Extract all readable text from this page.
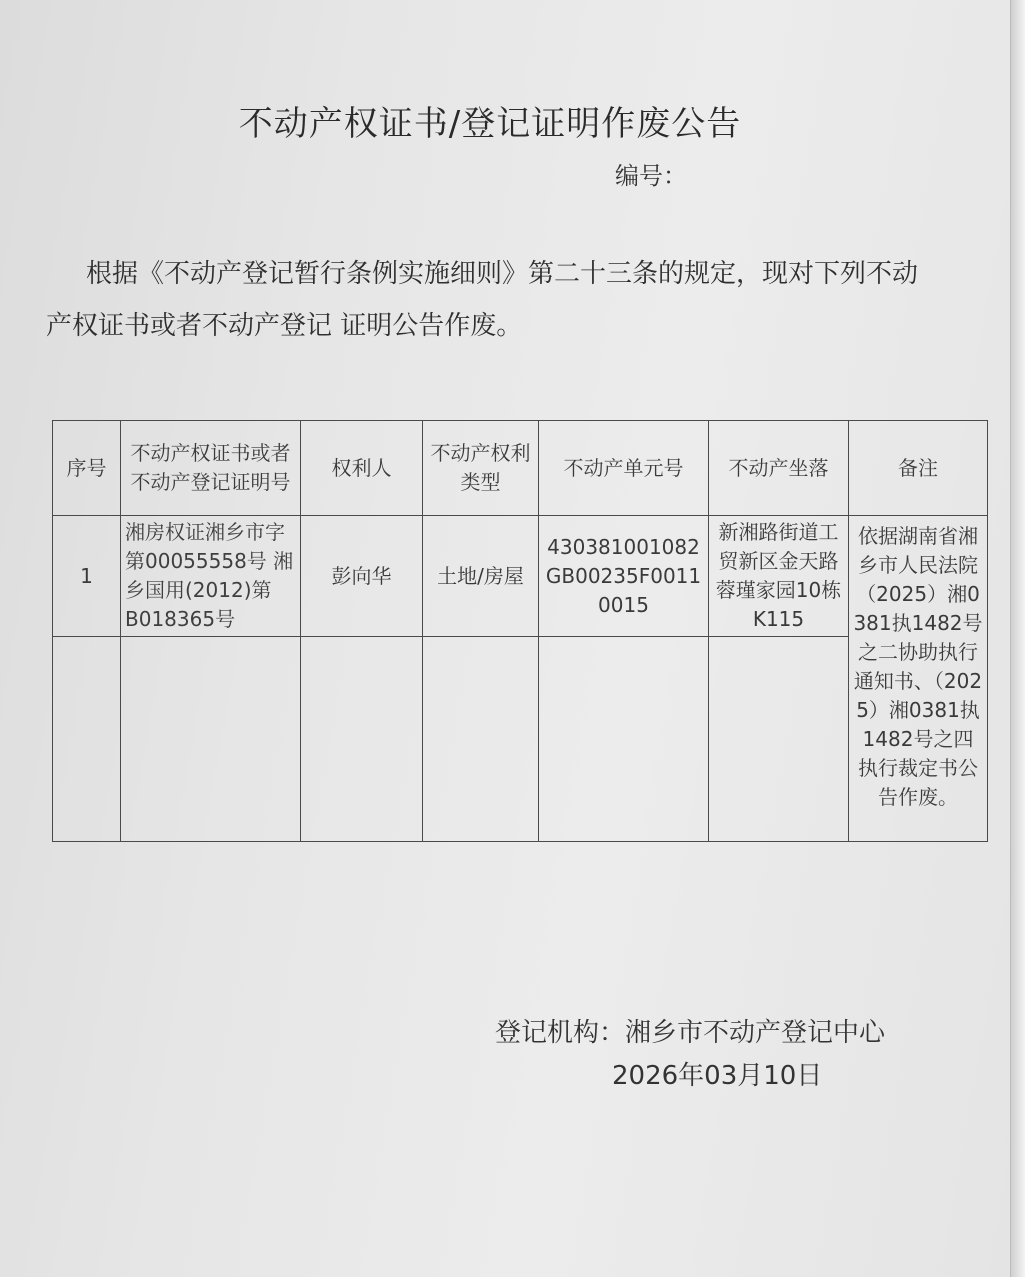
不动产权证书/登记证明作废公告
编号：
根据《不动产登记暂行条例实施细则》第二十三条的规定，现对下列不动产权证书或者不动产登记 证明公告作废。
序号	不动产权证书或者 不动产登记证明号	权利人	不动产权利类型	不动产单元号	不动产坐落	备注
1	湘房权证湘乡市字第00055558号 湘乡国用(2012)第B018365号	彭向华	土地/房屋	430381001082GB00235F00110015	新湘路街道工贸新区金天路蓉瑾家园10栋K115	依据湖南省湘乡市人民法院（2025）湘0381执1482号之二协助执行通知书、（2025）湘0381执1482号之四执行裁定书公告作废。

登记机构：湘乡市不动产登记中心
2026年03月10日
